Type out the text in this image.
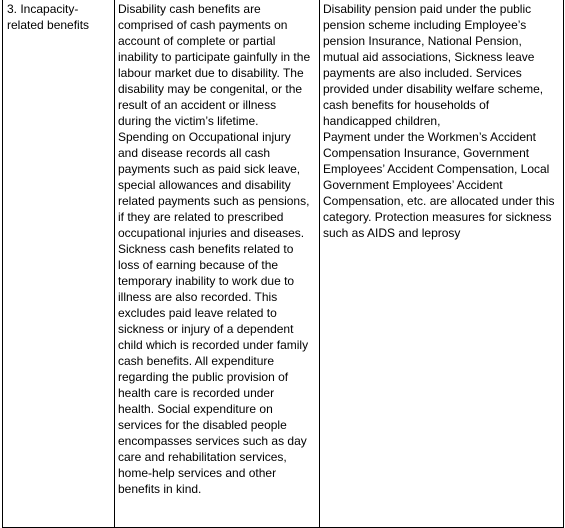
3. Incapacity-
related benefits
Disability cash benefits are
comprised of cash payments on
account of complete or partial
inability to participate gainfully in the
labour market due to disability. The
disability may be congenital, or the
result of an accident or illness
during the victim’s lifetime.
Spending on Occupational injury
and disease records all cash
payments such as paid sick leave,
special allowances and disability
related payments such as pensions,
if they are related to prescribed
occupational injuries and diseases.
Sickness cash benefits related to
loss of earning because of the
temporary inability to work due to
illness are also recorded. This
excludes paid leave related to
sickness or injury of a dependent
child which is recorded under family
cash benefits. All expenditure
regarding the public provision of
health care is recorded under
health. Social expenditure on
services for the disabled people
encompasses services such as day
care and rehabilitation services,
home-help services and other
benefits in kind.
Disability pension paid under the public
pension scheme including Employee’s
pension Insurance, National Pension,
mutual aid associations, Sickness leave
payments are also included. Services
provided under disability welfare scheme,
cash benefits for households of
handicapped children,
Payment under the Workmen’s Accident
Compensation Insurance, Government
Employees’ Accident Compensation, Local
Government Employees’ Accident
Compensation, etc. are allocated under this
category. Protection measures for sickness
such as AIDS and leprosy
